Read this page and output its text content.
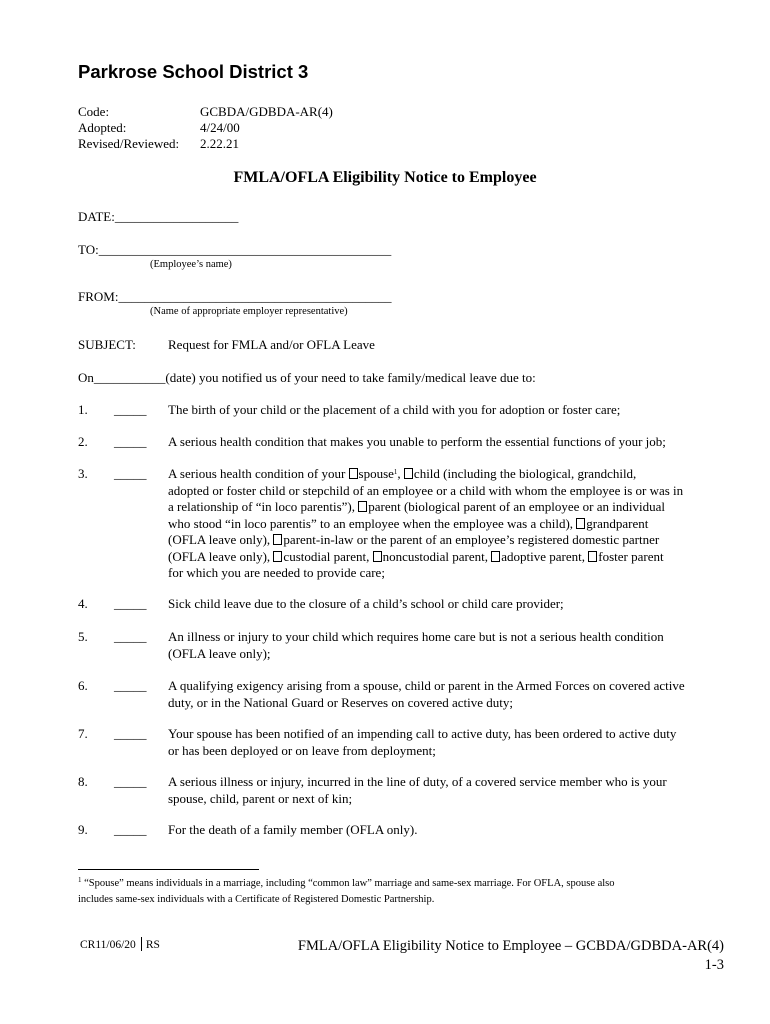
Parkrose School District 3
Code:	GCBDA/GDBDA-AR(4)
Adopted:	4/24/00
Revised/Reviewed: 2.22.21
FMLA/OFLA Eligibility Notice to Employee
DATE:___________________
TO:_____________________________________________
(Employee’s name)
FROM:__________________________________________
(Name of appropriate employer representative)
SUBJECT: Request for FMLA and/or OFLA Leave
On___________(date) you notified us of your need to take family/medical leave due to:
1. _____ The birth of your child or the placement of a child with you for adoption or foster care;
2. _____ A serious health condition that makes you unable to perform the essential functions of your job;
3. _____ A serious health condition of your spouse$^1$, child (including the biological, grandchild,
adopted or foster child or stepchild of an employee or a child with whom the employee is or was in
a relationship of “in loco parentis”), parent (biological parent of an employee or an individual
who stood “in loco parentis” to an employee when the employee was a child), grandparent
(OFLA leave only), parent-in-law or the parent of an employee’s registered domestic partner
(OFLA leave only), custodial parent, noncustodial parent, adoptive parent, foster parent
for which you are needed to provide care;
4. _____ Sick child leave due to the closure of a child’s school or child care provider;
5. _____ An illness or injury to your child which requires home care but is not a serious health condition
(OFLA leave only);
6. _____ A qualifying exigency arising from a spouse, child or parent in the Armed Forces on covered active
duty, or in the National Guard or Reserves on covered active duty;
7. _____ Your spouse has been notified of an impending call to active duty, has been ordered to active duty
or has been deployed or on leave from deployment;
8. _____ A serious illness or injury, incurred in the line of duty, of a covered service member who is your
spouse, child, parent or next of kin;
9. _____ For the death of a family member (OFLA only).
$^1$ “Spouse” means individuals in a marriage, including “common law” marriage and same-sex marriage. For OFLA, spouse also
includes same-sex individuals with a Certificate of Registered Domestic Partnership.
CR11/06/20 RS	FMLA/OFLA Eligibility Notice to Employee – GCBDA/GDBDA-AR(4)
1-3
